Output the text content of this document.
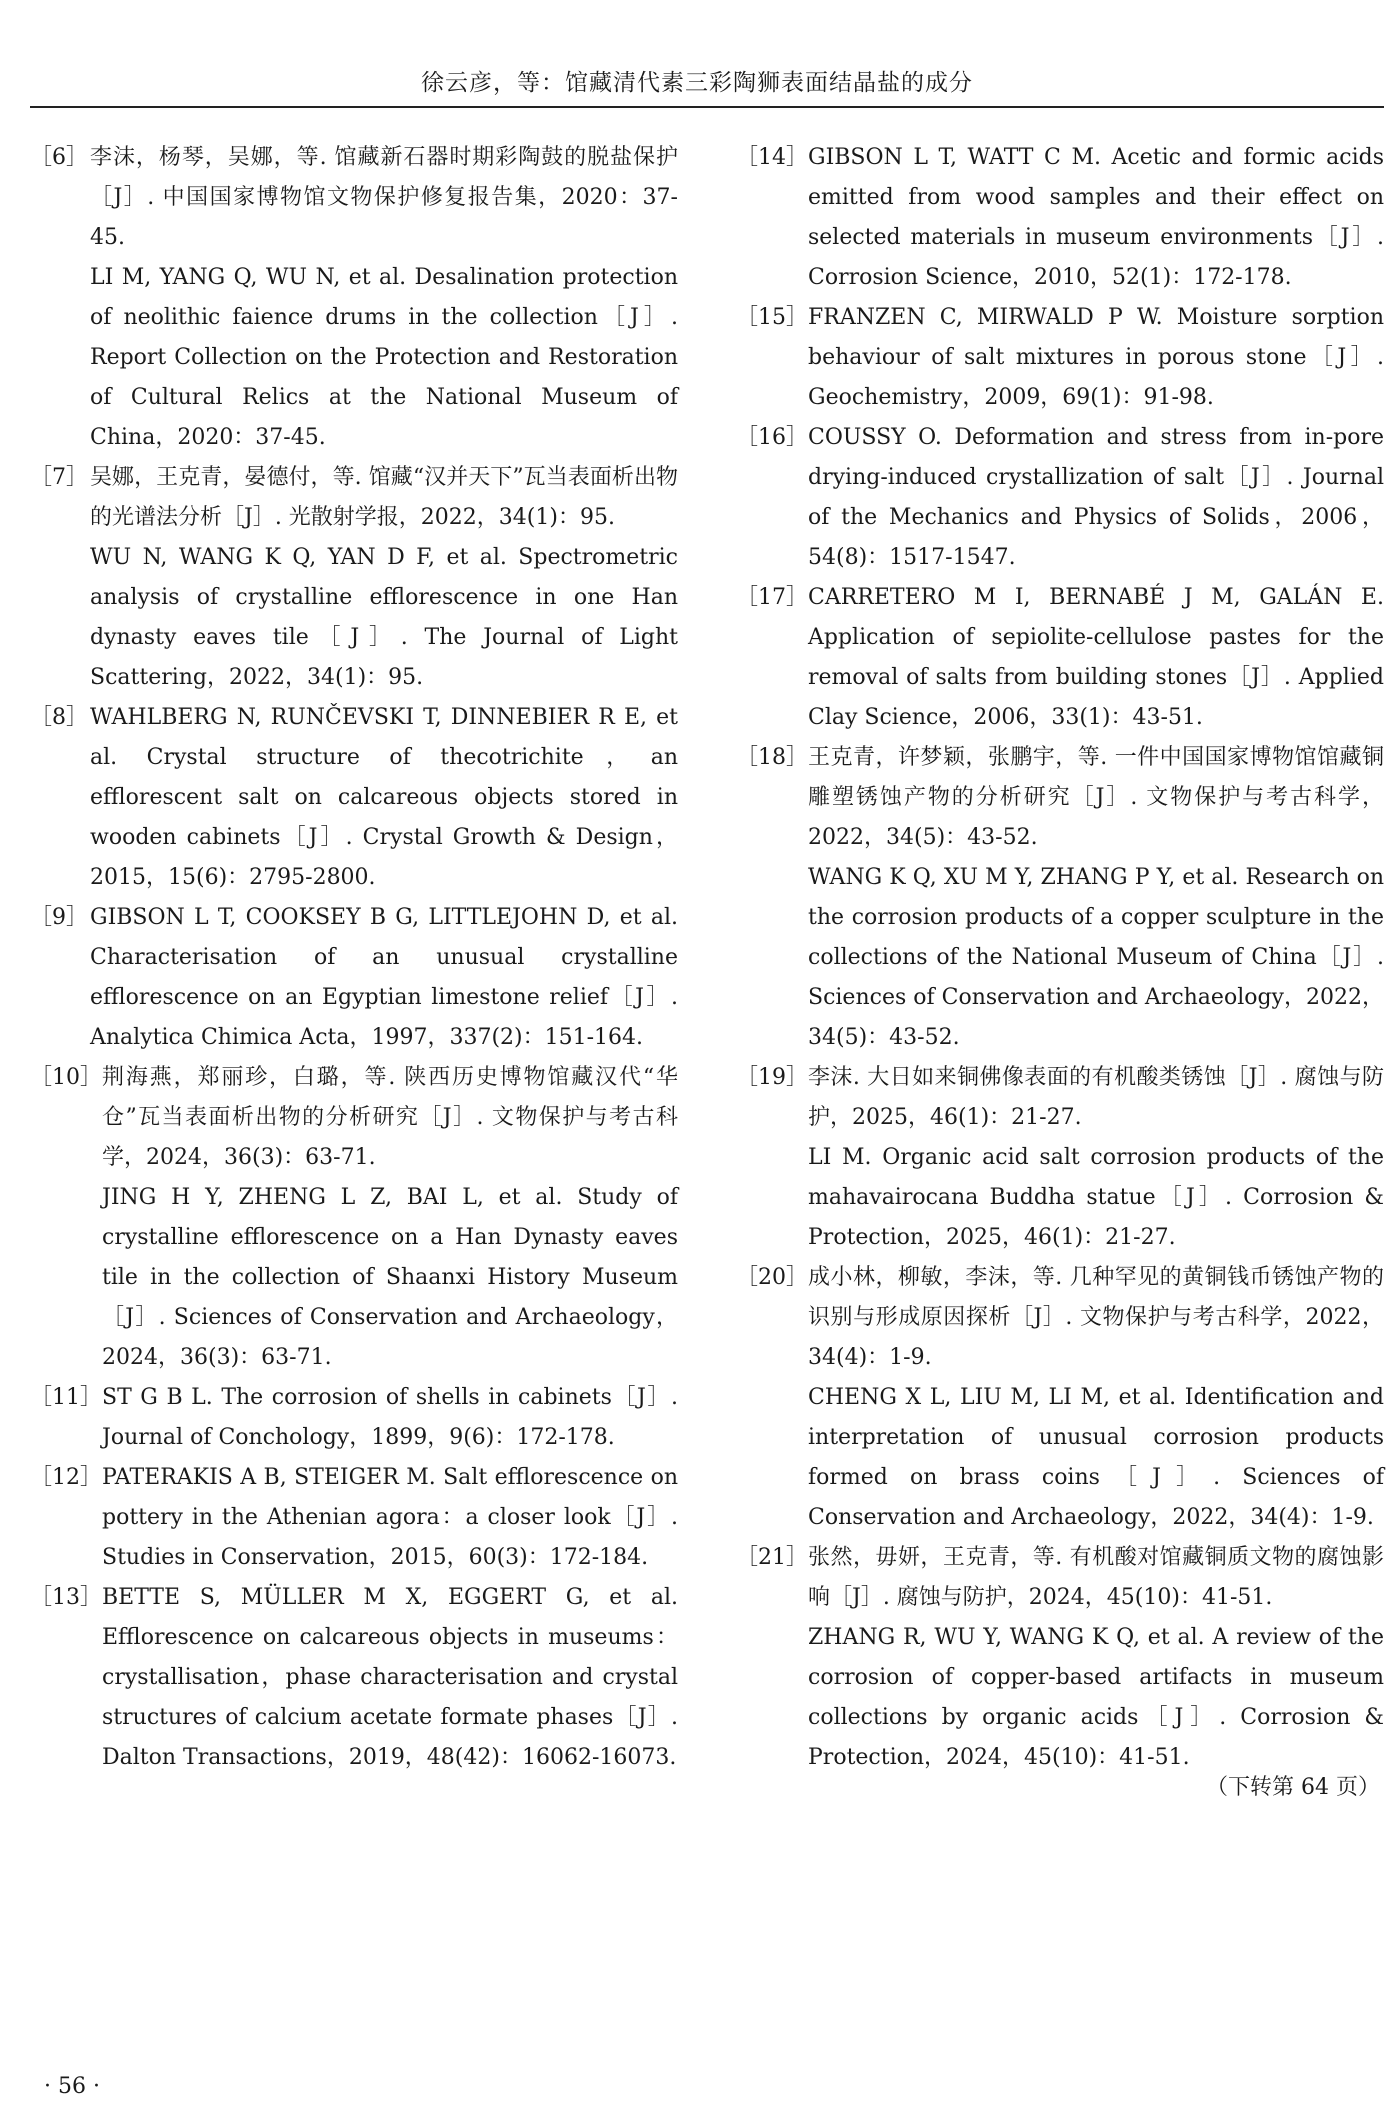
徐云彦，等：馆藏清代素三彩陶狮表面结晶盐的成分
［6］ 李沫，杨琴，吴娜，等. 馆藏新石器时期彩陶鼓的脱盐保护［J］. 中国国家博物馆文物保护修复报告集，2020：37-45.

LI M, YANG Q, WU N, et al. Desalination protection of neolithic faience drums in the collection［J］. Report Collection on the Protection and Restoration of Cultural Relics at the National Museum of China，2020：37-45.

［7］ 吴娜，王克青，晏德付，等. 馆藏“汉并天下”瓦当表面析出物的光谱法分析［J］. 光散射学报，2022，34(1)：95.

WU N, WANG K Q, YAN D F, et al. Spectrometric analysis of crystalline efflorescence in one Han dynasty eaves tile［J］. The Journal of Light Scattering，2022，34(1)：95.

［8］ WAHLBERG N, RUNČEVSKI T, DINNEBIER R E, et al. Crystal structure of thecotrichite，an efflorescent salt on calcareous objects stored in wooden cabinets［J］. Crystal Growth & Design，2015，15(6)：2795-2800.

［9］ GIBSON L T, COOKSEY B G, LITTLEJOHN D, et al. Characterisation of an unusual crystalline efflorescence on an Egyptian limestone relief［J］. Analytica Chimica Acta，1997，337(2)：151-164.

［10］ 荆海燕，郑丽珍，白璐，等. 陕西历史博物馆藏汉代“华仓”瓦当表面析出物的分析研究［J］. 文物保护与考古科学，2024，36(3)：63-71.

JING H Y, ZHENG L Z, BAI L, et al. Study of crystalline efflorescence on a Han Dynasty eaves tile in the collection of Shaanxi History Museum［J］. Sciences of Conservation and Archaeology，2024，36(3)：63-71.

［11］ ST G B L. The corrosion of shells in cabinets［J］. Journal of Conchology，1899，9(6)：172-178.

［12］ PATERAKIS A B, STEIGER M. Salt efflorescence on pottery in the Athenian agora：a closer look［J］. Studies in Conservation，2015，60(3)：172-184.

［13］ BETTE S, MÜLLER M X, EGGERT G, et al. Efflorescence on calcareous objects in museums：crystallisation，phase characterisation and crystal structures of calcium acetate formate phases［J］. Dalton Transactions，2019，48(42)：16062-16073.

［14］ GIBSON L T, WATT C M. Acetic and formic acids emitted from wood samples and their effect on selected materials in museum environments［J］. Corrosion Science，2010，52(1)：172-178.

［15］ FRANZEN C, MIRWALD P W. Moisture sorption behaviour of salt mixtures in porous stone［J］. Geochemistry，2009，69(1)：91-98.

［16］ COUSSY O. Deformation and stress from in-pore drying-induced crystallization of salt［J］. Journal of the Mechanics and Physics of Solids，2006，54(8)：1517-1547.

［17］ CARRETERO M I, BERNABÉ J M, GALÁN E. Application of sepiolite-cellulose pastes for the removal of salts from building stones［J］. Applied Clay Science，2006，33(1)：43-51.

［18］ 王克青，许梦颖，张鹏宇，等. 一件中国国家博物馆馆藏铜雕塑锈蚀产物的分析研究［J］. 文物保护与考古科学，2022，34(5)：43-52.

WANG K Q, XU M Y, ZHANG P Y, et al. Research on the corrosion products of a copper sculpture in the collections of the National Museum of China［J］. Sciences of Conservation and Archaeology，2022，34(5)：43-52.

［19］ 李沫. 大日如来铜佛像表面的有机酸类锈蚀［J］. 腐蚀与防护，2025，46(1)：21-27.

LI M. Organic acid salt corrosion products of the mahavairocana Buddha statue［J］. Corrosion & Protection，2025，46(1)：21-27.

［20］ 成小林，柳敏，李沫，等. 几种罕见的黄铜钱币锈蚀产物的识别与形成原因探析［J］. 文物保护与考古科学，2022，34(4)：1-9.

CHENG X L, LIU M, LI M, et al. Identification and interpretation of unusual corrosion products formed on brass coins［J］. Sciences of Conservation and Archaeology，2022，34(4)：1-9.

［21］ 张然，毋妍，王克青，等. 有机酸对馆藏铜质文物的腐蚀影响［J］. 腐蚀与防护，2024，45(10)：41-51.

ZHANG R, WU Y, WANG K Q, et al. A review of the corrosion of copper-based artifacts in museum collections by organic acids［J］. Corrosion & Protection，2024，45(10)：41-51.

（下转第 64 页）
· 56 ·
